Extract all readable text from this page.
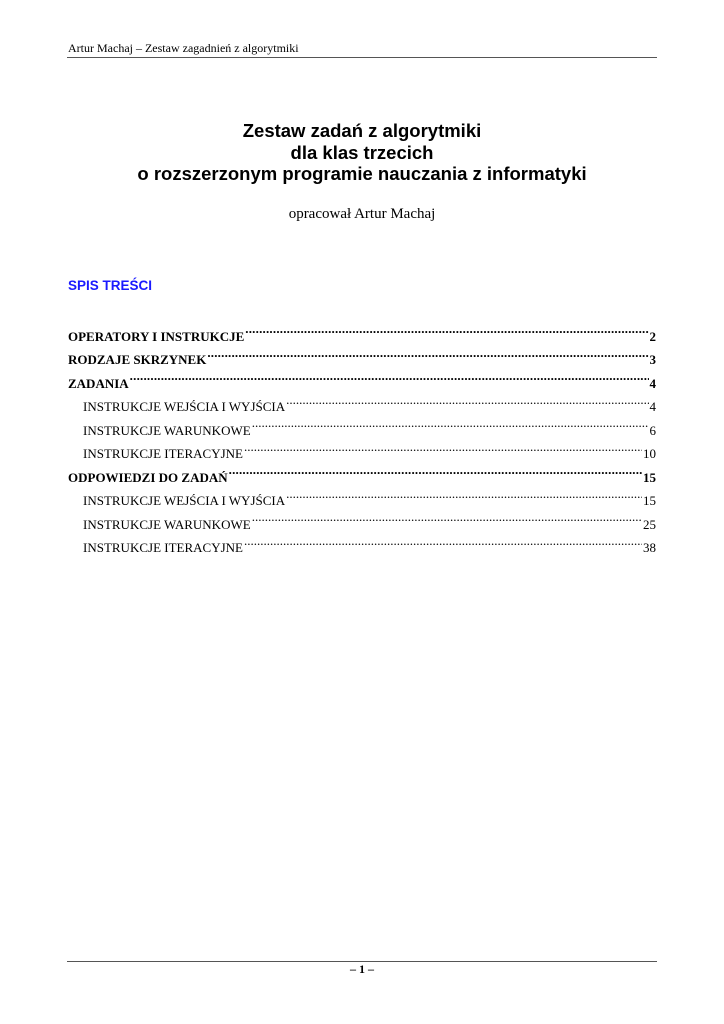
Artur Machaj – Zestaw zagadnień z algorytmiki
Zestaw zadań z algorytmiki
dla klas trzecich
o rozszerzonym programie nauczania z informatyki
opracował Artur Machaj
SPIS TREŚCI
OPERATORY I INSTRUKCJE .....	2
RODZAJE SKRZYNEK .....	3
ZADANIA .....	4
INSTRUKCJE WEJŚCIA I WYJŚCIA .....	4
INSTRUKCJE WARUNKOWE .....	6
INSTRUKCJE ITERACYJNE .....	10
ODPOWIEDZI DO ZADAŃ .....	15
INSTRUKCJE WEJŚCIA I WYJŚCIA .....	15
INSTRUKCJE WARUNKOWE .....	25
INSTRUKCJE ITERACYJNE .....	38
– 1 –
